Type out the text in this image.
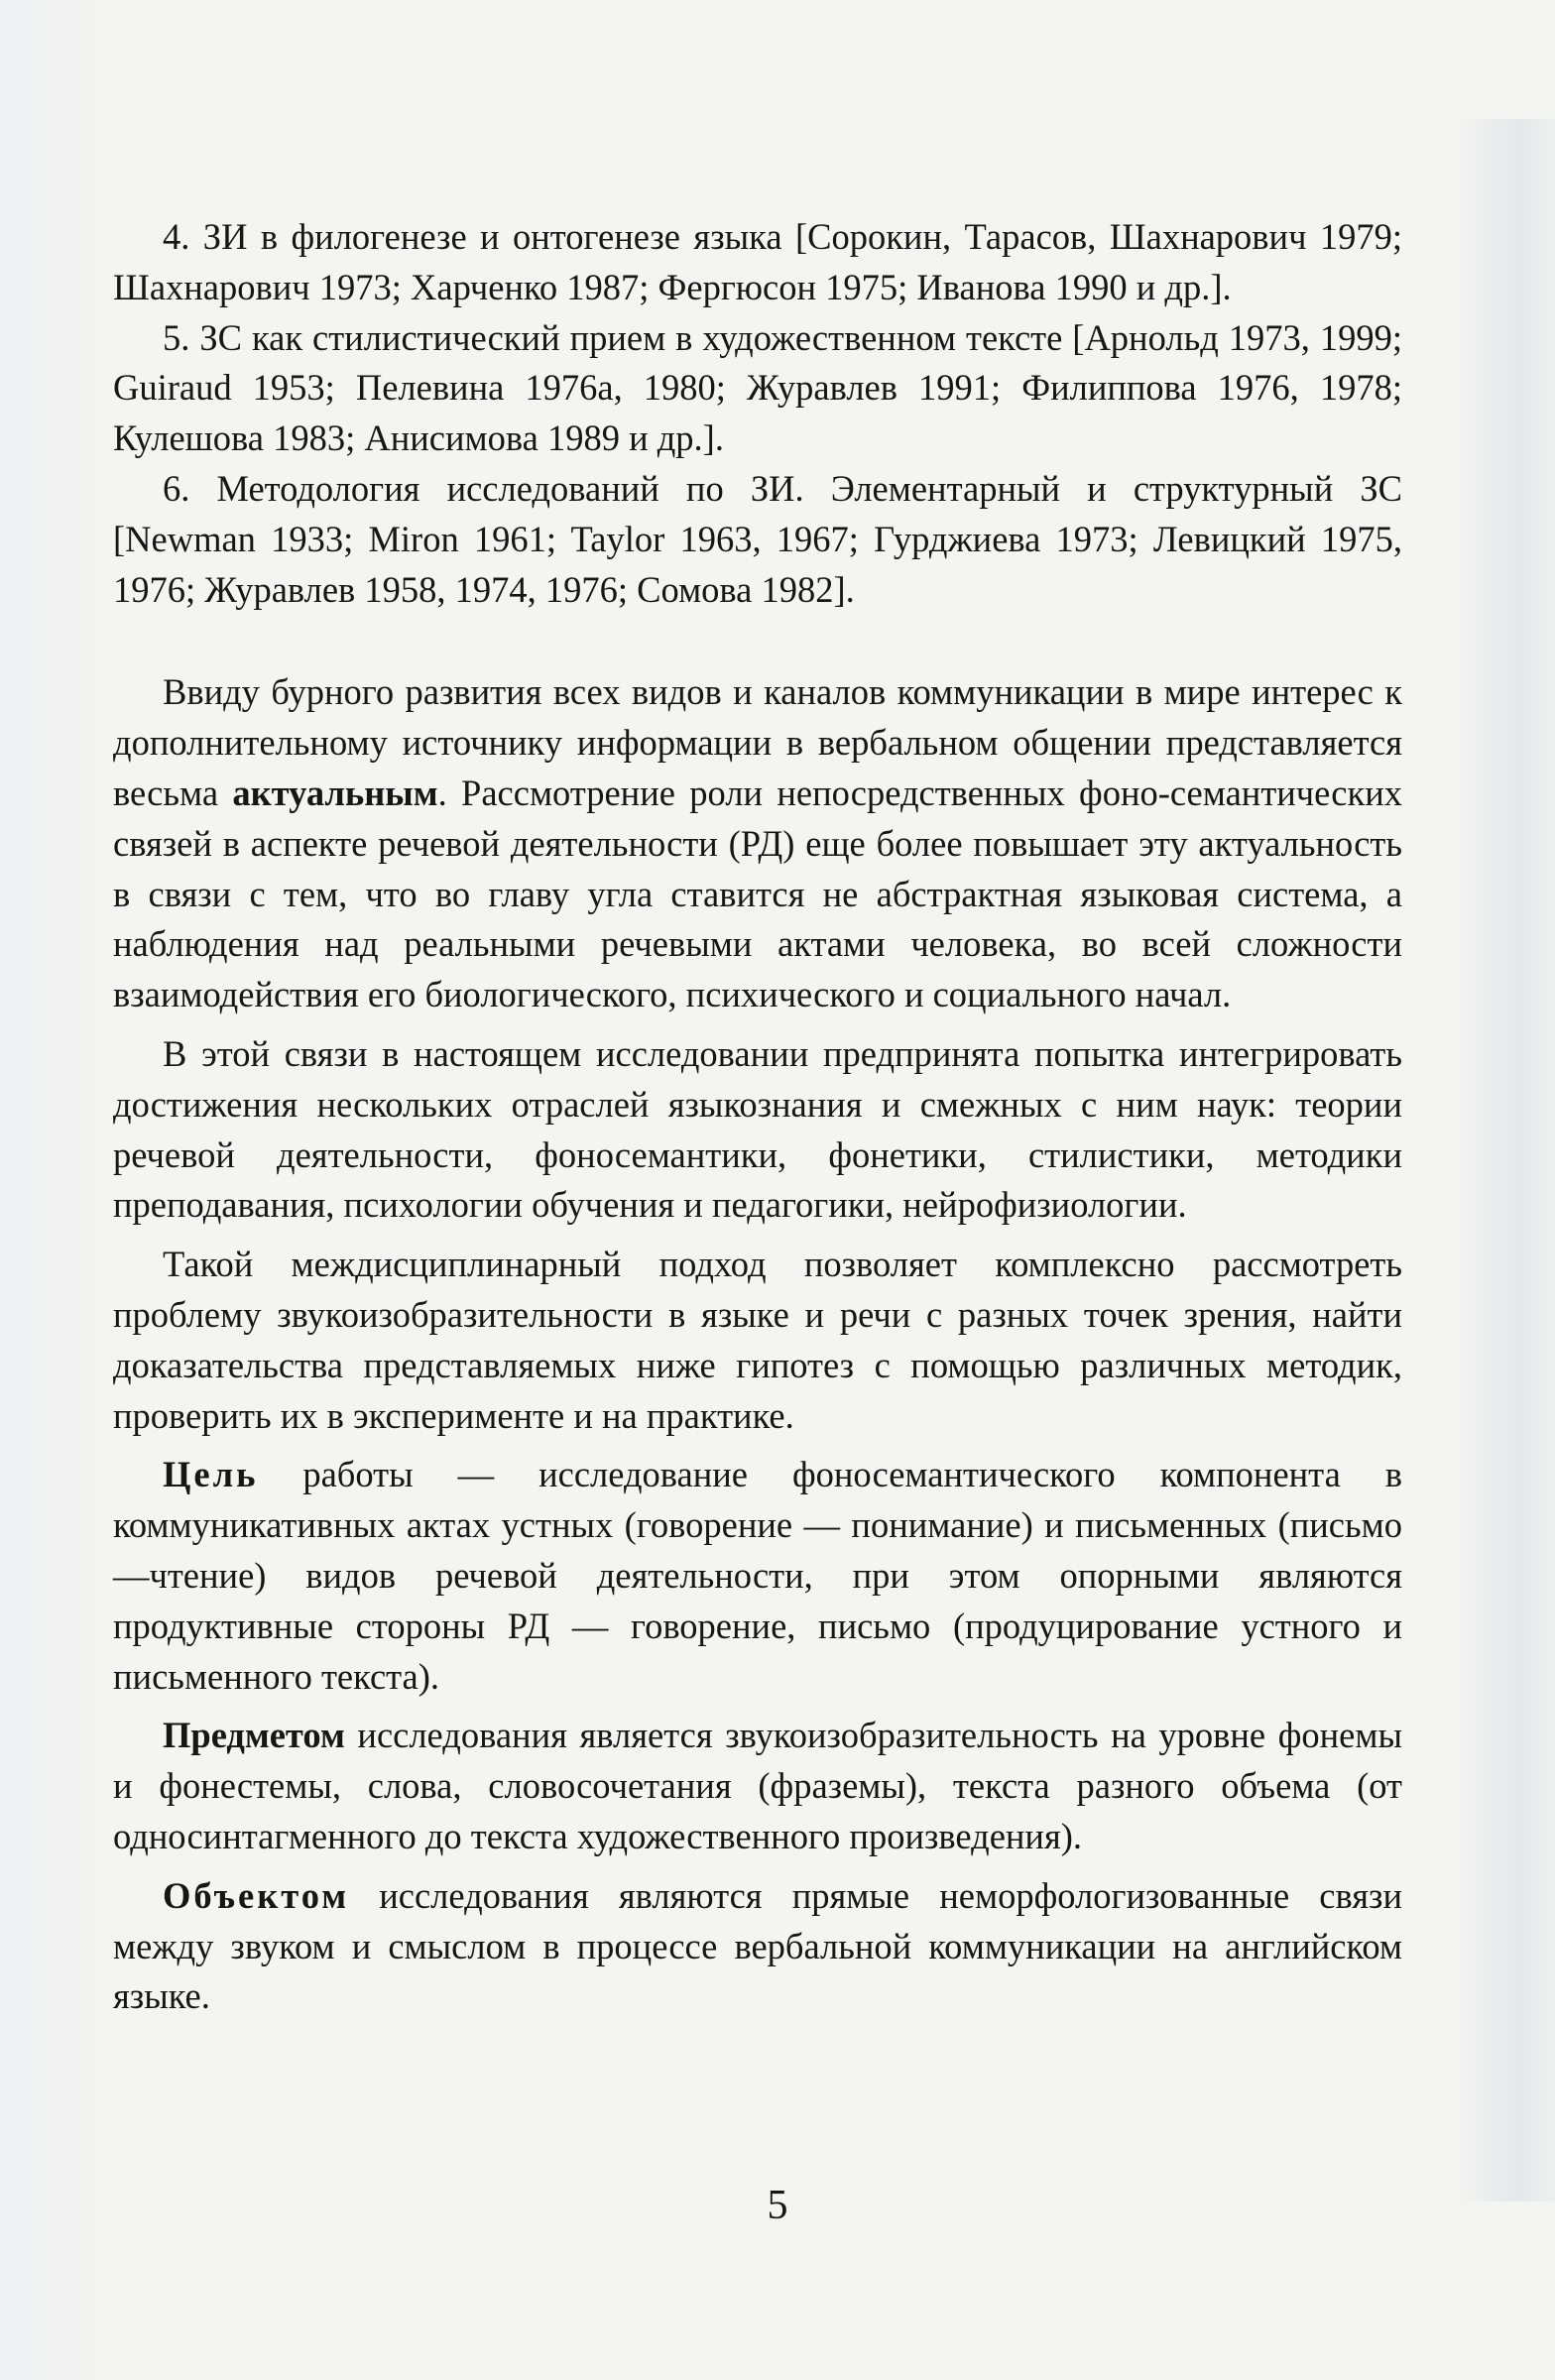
4. ЗИ в филогенезе и онтогенезе языка [Сорокин, Тарасов, Шахнарович 1979; Шахнарович 1973; Харченко 1987; Фергюсон 1975; Иванова 1990 и др.].

5. ЗС как стилистический прием в художественном тексте [Арнольд 1973, 1999; Guiraud 1953; Пелевина 1976а, 1980; Журавлев 1991; Филиппова 1976, 1978; Кулешова 1983; Анисимова 1989 и др.].

6. Методология исследований по ЗИ. Элементарный и структурный ЗС [Newman 1933; Miron 1961; Taylor 1963, 1967; Гурджиева 1973; Левицкий 1975, 1976; Журавлев 1958, 1974, 1976; Сомова 1982].

Ввиду бурного развития всех видов и каналов коммуникации в мире интерес к дополнительному источнику информации в вербальном общении представляется весьма актуальным. Рассмотрение роли непосредственных фоно-семантических связей в аспекте речевой деятельности (РД) еще более повышает эту актуальность в связи с тем, что во главу угла ставится не абстрактная языковая система, а наблюдения над реальными речевыми актами человека, во всей сложности взаимодействия его биологического, психического и социального начал.

В этой связи в настоящем исследовании предпринята попытка интегрировать достижения нескольких отраслей языкознания и смежных с ним наук: теории речевой деятельности, фоносемантики, фонетики, стилистики, методики преподавания, психологии обучения и педагогики, нейрофизиологии.

Такой междисциплинарный подход позволяет комплексно рассмотреть проблему звукоизобразительности в языке и речи с разных точек зрения, найти доказательства представляемых ниже гипотез с помощью различных методик, проверить их в эксперименте и на практике.

Цель работы — исследование фоносемантического компонента в коммуникативных актах устных (говорение — понимание) и письменных (письмо—чтение) видов речевой деятельности, при этом опорными являются продуктивные стороны РД — говорение, письмо (продуцирование устного и письменного текста).

Предметом исследования является звукоизобразительность на уровне фонемы и фонестемы, слова, словосочетания (фраземы), текста разного объема (от односинтагменного до текста художественного произведения).

Объектом исследования являются прямые неморфологизованные связи между звуком и смыслом в процессе вербальной коммуникации на английском языке.

5
